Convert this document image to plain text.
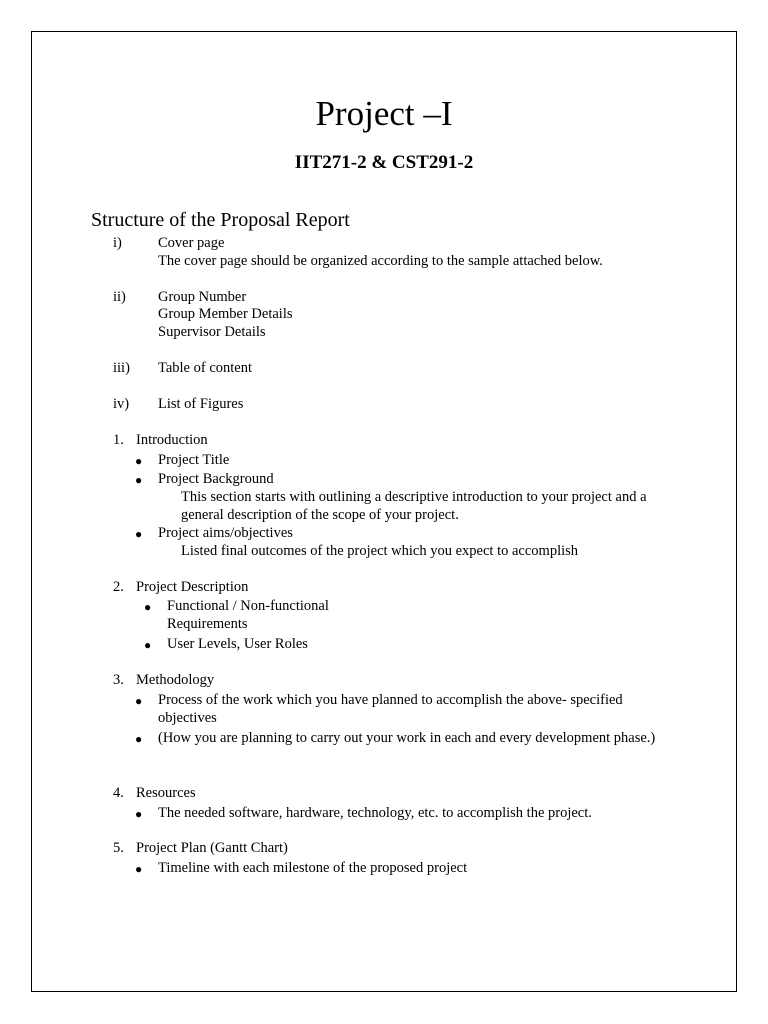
Project –I
IIT271-2 & CST291-2
Structure of the Proposal Report
i) Cover page
The cover page should be organized according to the sample attached below.
ii) Group Number
Group Member Details
Supervisor Details
iii) Table of content
iv) List of Figures
1. Introduction
● Project Title
● Project Background
This section starts with outlining a descriptive introduction to your project and a
general description of the scope of your project.
● Project aims/objectives
Listed final outcomes of the project which you expect to accomplish
2. Project Description
● Functional / Non-functional
Requirements
● User Levels, User Roles
3. Methodology
● Process of the work which you have planned to accomplish the above- specified
objectives
● (How you are planning to carry out your work in each and every development phase.)
4. Resources
● The needed software, hardware, technology, etc. to accomplish the project.
5. Project Plan (Gantt Chart)
● Timeline with each milestone of the proposed project
